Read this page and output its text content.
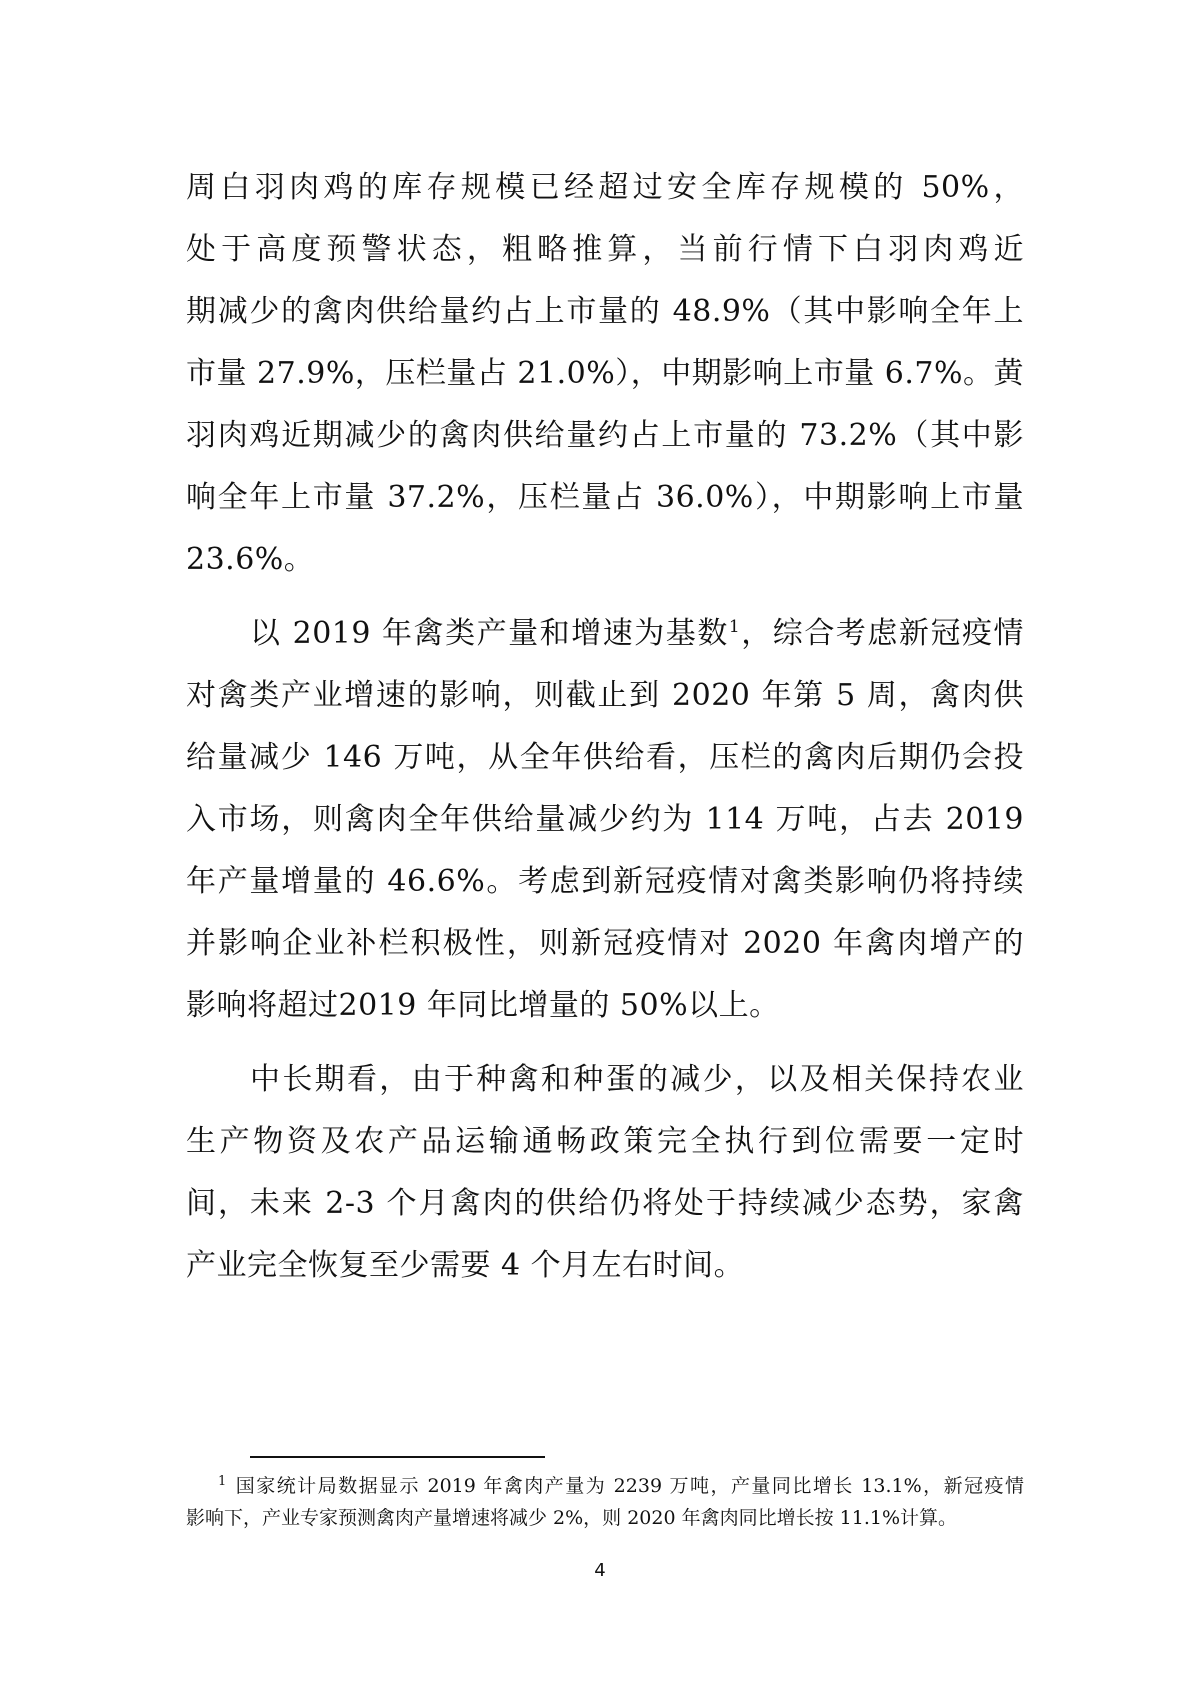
周白羽肉鸡的库存规模已经超过安全库存规模的 50%，
处于高度预警状态，粗略推算，当前行情下白羽肉鸡近
期减少的禽肉供给量约占上市量的 48.9%（其中影响全年上
市量 27.9%，压栏量占 21.0%），中期影响上市量 6.7%。黄
羽肉鸡近期减少的禽肉供给量约占上市量的 73.2%（其中影
响全年上市量 37.2%，压栏量占 36.0%），中期影响上市量
23.6%。
以 2019 年禽类产量和增速为基数$^1$，综合考虑新冠疫情
对禽类产业增速的影响，则截止到 2020 年第 5 周，禽肉供
给量减少 146 万吨，从全年供给看，压栏的禽肉后期仍会投
入市场，则禽肉全年供给量减少约为 114 万吨，占去 2019
年产量增量的 46.6%。考虑到新冠疫情对禽类影响仍将持续
并影响企业补栏积极性，则新冠疫情对 2020 年禽肉增产的
影响将超过2019 年同比增量的 50%以上。
中长期看，由于种禽和种蛋的减少，以及相关保持农业
生产物资及农产品运输通畅政策完全执行到位需要一定时
间，未来 2-3 个月禽肉的供给仍将处于持续减少态势，家禽
产业完全恢复至少需要 4 个月左右时间。
$^1$ 国家统计局数据显示 2019 年禽肉产量为 2239 万吨，产量同比增长 13.1%，新冠疫情
影响下，产业专家预测禽肉产量增速将减少 2%，则 2020 年禽肉同比增长按 11.1%计算。
4
